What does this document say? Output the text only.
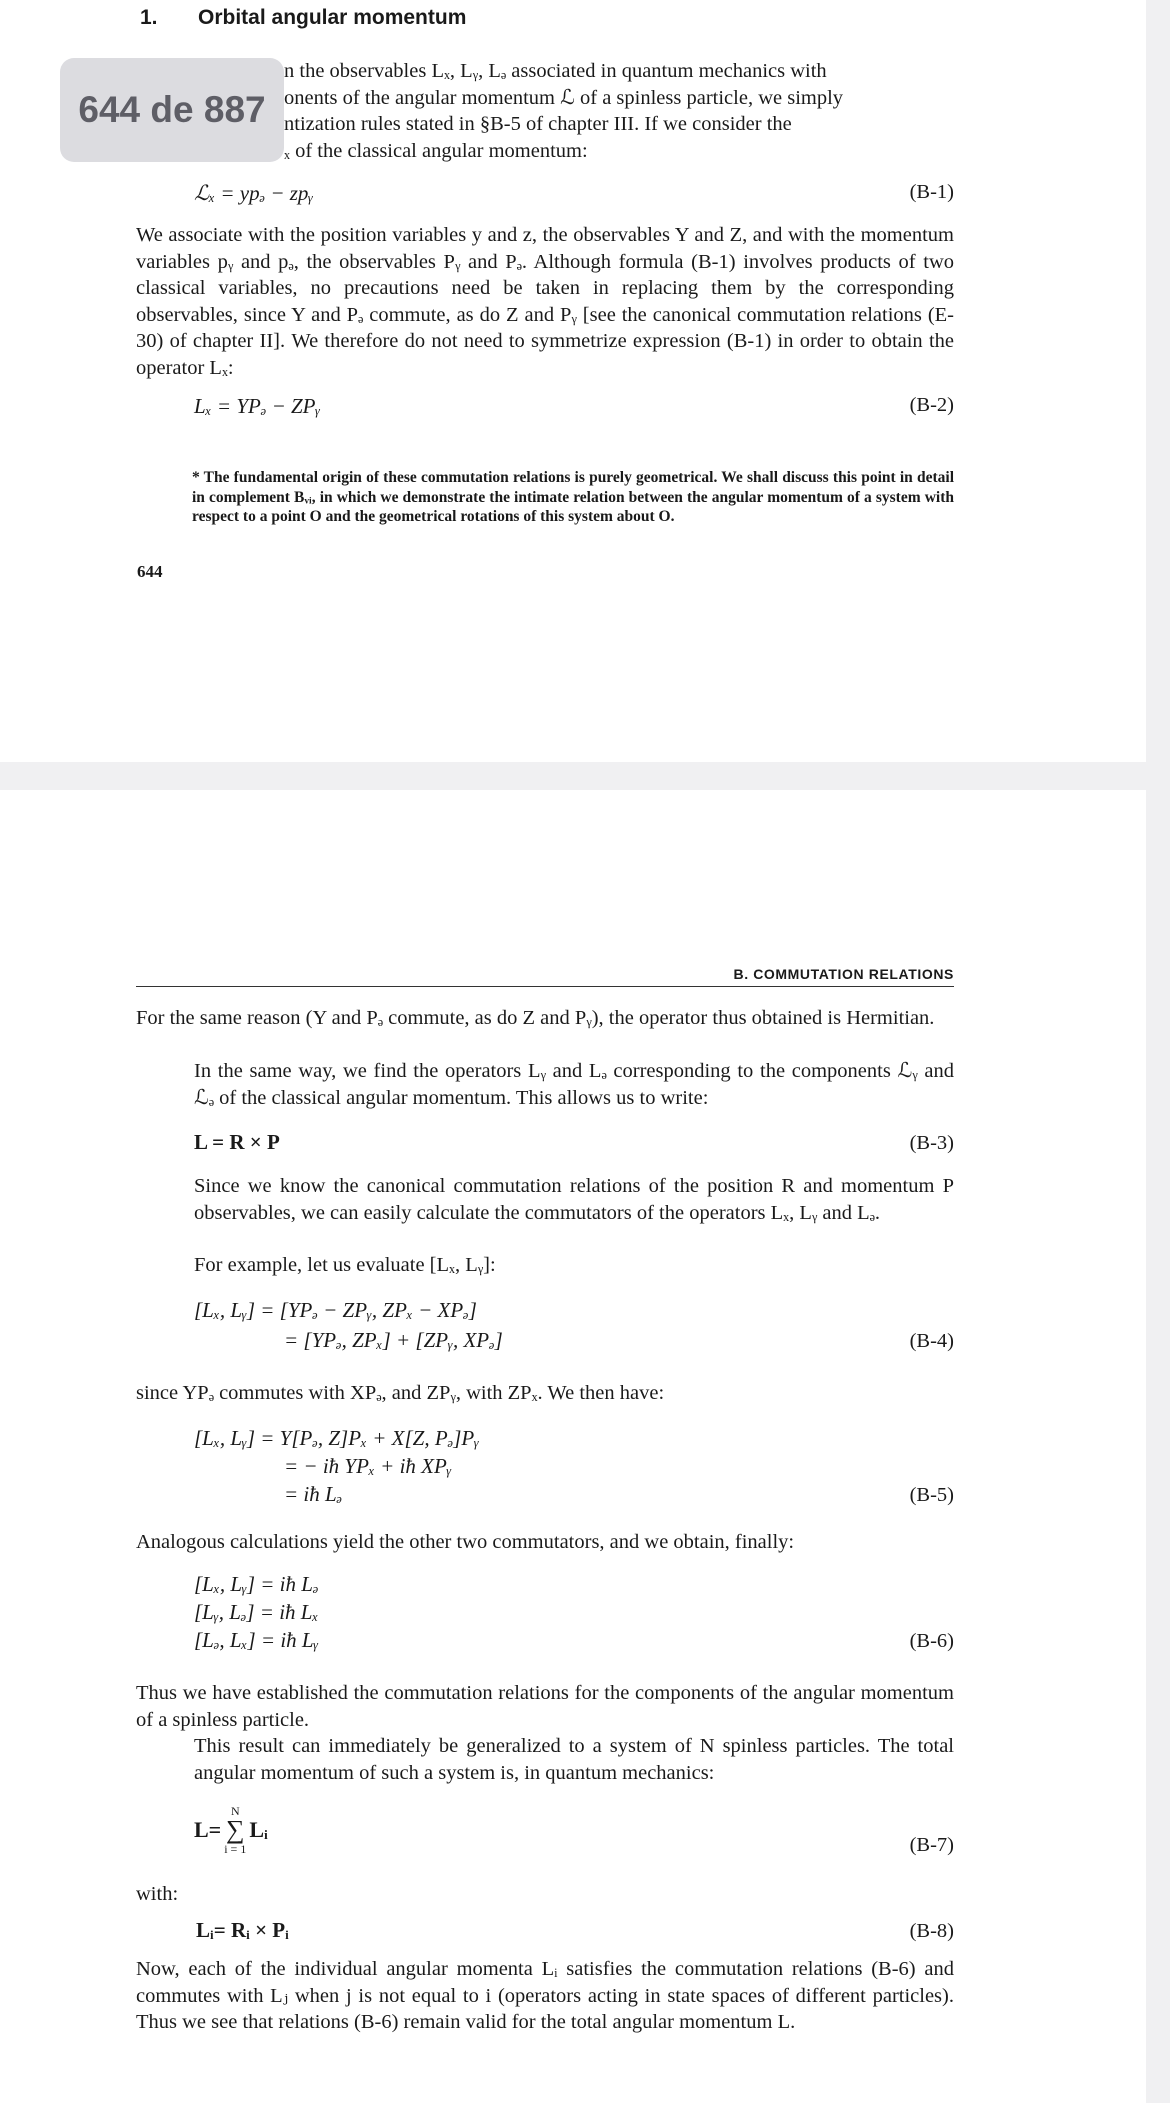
1. Orbital angular momentum
n the observables Lₓ, Lᵧ, Lₔ associated in quantum mechanics with
onents of the angular momentum ℒ of a spinless particle, we simply
ntization rules stated in §B-5 of chapter III. If we consider the
ₓ of the classical angular momentum:
ℒₓ = ypₔ − zpᵧ	(B-1)
We associate with the position variables y and z, the observables Y and Z, and with the momentum variables pᵧ and pₔ, the observables Pᵧ and Pₔ. Although formula (B-1) involves products of two classical variables, no precautions need be taken in replacing them by the corresponding observables, since Y and Pₔ commute, as do Z and Pᵧ [see the canonical commutation relations (E-30) of chapter II]. We therefore do not need to symmetrize expression (B-1) in order to obtain the operator Lₓ:
Lₓ = YPₔ − ZPᵧ	(B-2)
* The fundamental origin of these commutation relations is purely geometrical. We shall discuss this point in detail in complement Bᵥᵢ, in which we demonstrate the intimate relation between the angular momentum of a system with respect to a point O and the geometrical rotations of this system about O.
644
644 de 887
B. COMMUTATION RELATIONS
For the same reason (Y and Pₔ commute, as do Z and Pᵧ), the operator thus obtained is Hermitian.
In the same way, we find the operators Lᵧ and Lₔ corresponding to the components ℒᵧ and ℒₔ of the classical angular momentum. This allows us to write:
L = R × P	(B-3)
Since we know the canonical commutation relations of the position R and momentum P observables, we can easily calculate the commutators of the operators Lₓ, Lᵧ and Lₔ.
For example, let us evaluate [Lₓ, Lᵧ]:
[Lₓ, Lᵧ] = [YPₔ − ZPᵧ, ZPₓ − XPₔ]
= [YPₔ, ZPₓ] + [ZPᵧ, XPₔ]	(B-4)
since YPₔ commutes with XPₔ, and ZPᵧ, with ZPₓ. We then have:
[Lₓ, Lᵧ] = Y[Pₔ, Z]Pₓ + X[Z, Pₔ]Pᵧ
= − iħ YPₓ + iħ XPᵧ
= iħ Lₔ	(B-5)
Analogous calculations yield the other two commutators, and we obtain, finally:
[Lₓ, Lᵧ] = iħ Lₔ
[Lᵧ, Lₔ] = iħ Lₓ
[Lₔ, Lₓ] = iħ Lᵧ	(B-6)
Thus we have established the commutation relations for the components of the angular momentum of a spinless particle.
This result can immediately be generalized to a system of N spinless particles. The total angular momentum of such a system is, in quantum mechanics:
L=
N
∑
i = 1
Lᵢ
(B-7)
with:
Lᵢ= Rᵢ × Pᵢ	(B-8)
Now, each of the individual angular momenta Lᵢ satisfies the commutation relations (B-6) and commutes with Lⱼ when j is not equal to i (operators acting in state spaces of different particles). Thus we see that relations (B-6) remain valid for the total angular momentum L.
